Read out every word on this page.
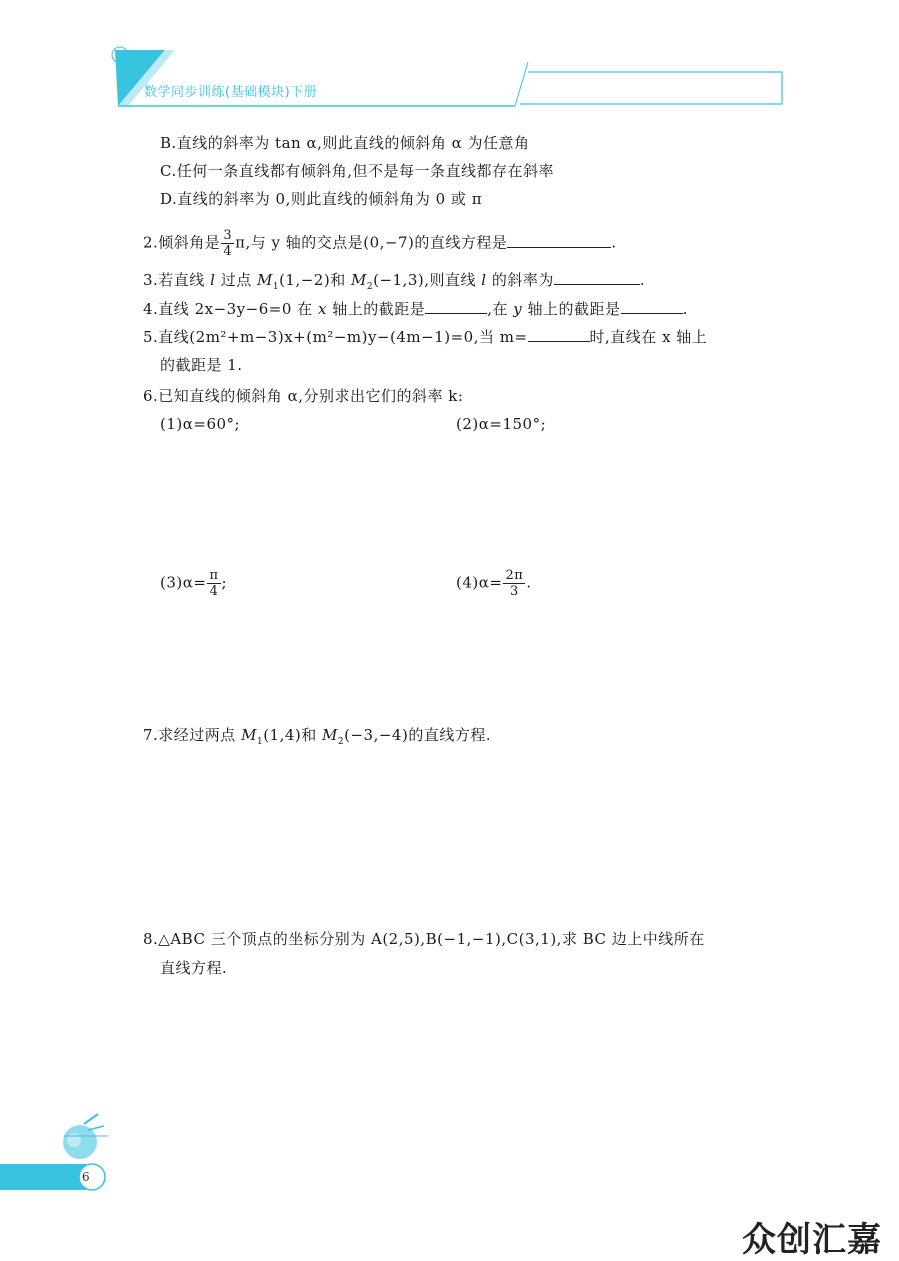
数学同步训练(基础模块)下册
B.直线的斜率为 tan α,则此直线的倾斜角 α 为任意角
C.任何一条直线都有倾斜角,但不是每一条直线都存在斜率
D.直线的斜率为 0,则此直线的倾斜角为 0 或 π
2.倾斜角是 $\frac{3}{4} \pi$,与 y 轴的交点是(0,−7)的直线方程是	.
3.若直线 l 过点 $M_1(1,-2)$和 $M_2(-1,3)$,则直线 l 的斜率为	.
4.直线 2x−3y−6=0 在 x 轴上的截距是	,在 y 轴上的截距是	.
5.直线(2m²+m−3)x+(m²−m)y−(4m−1)=0,当 m=	时,直线在 x 轴上
的截距是 1.
6.已知直线的倾斜角 α,分别求出它们的斜率 k:
(1)α=60°;	(2)α=150°;
$(3)\alpha= \frac{\pi}{4}$ ;	$(4)\alpha= \frac{2\pi}{3}$ .
7.求经过两点 $M_1(1,4)$和 $M_2(-3,-4)$的直线方程.
8.△ABC 三个顶点的坐标分别为 A(2,5),B(−1,−1),C(3,1),求 BC 边上中线所在
直线方程.
6
众创汇嘉
